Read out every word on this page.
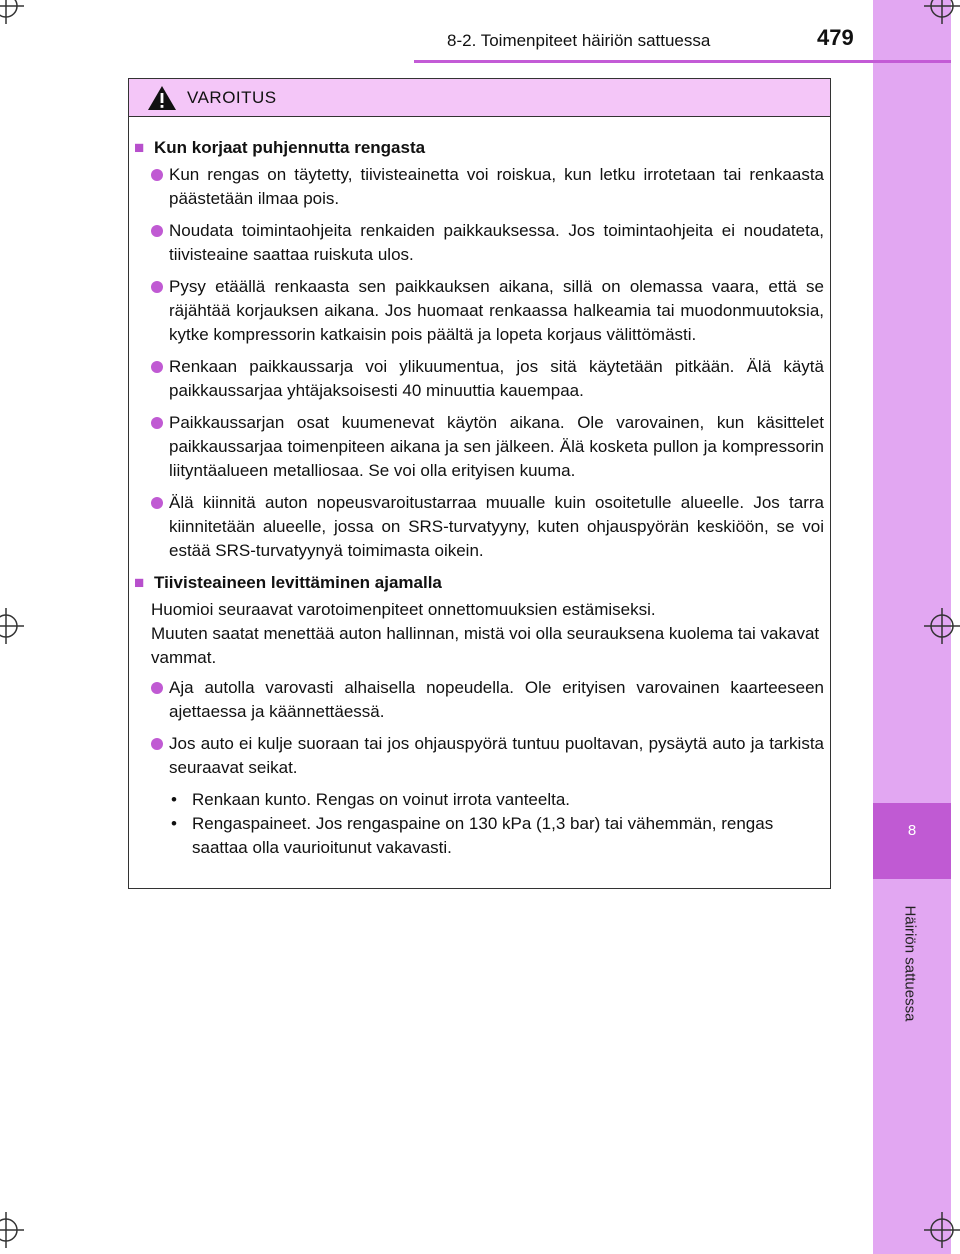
8
Häiriön sattuessa
8-2. Toimenpiteet häiriön sattuessa	479
VAROITUS
■ Kun korjaat puhjennutta rengasta
Kun rengas on täytetty, tiivisteainetta voi roiskua, kun letku irrotetaan tai renkaasta päästetään ilmaa pois.
Noudata toimintaohjeita renkaiden paikkauksessa. Jos toimintaohjeita ei noudateta, tiivisteaine saattaa ruiskuta ulos.
Pysy etäällä renkaasta sen paikkauksen aikana, sillä on olemassa vaara, että se räjähtää korjauksen aikana. Jos huomaat renkaassa halkeamia tai muodonmuutoksia, kytke kompressorin katkaisin pois päältä ja lopeta korjaus välittömästi.
Renkaan paikkaussarja voi ylikuumentua, jos sitä käytetään pitkään. Älä käytä paikkaussarjaa yhtäjaksoisesti 40 minuuttia kauempaa.
Paikkaussarjan osat kuumenevat käytön aikana. Ole varovainen, kun käsittelet paikkaussarjaa toimenpiteen aikana ja sen jälkeen. Älä kosketa pullon ja kompressorin liityntäalueen metalliosaa. Se voi olla erityisen kuuma.
Älä kiinnitä auton nopeusvaroitustarraa muualle kuin osoitetulle alueelle. Jos tarra kiinnitetään alueelle, jossa on SRS-turvatyyny, kuten ohjauspyörän keskiöön, se voi estää SRS-turvatyynyä toimimasta oikein.
■ Tiivisteaineen levittäminen ajamalla
Huomioi seuraavat varotoimenpiteet onnettomuuksien estämiseksi.
Muuten saatat menettää auton hallinnan, mistä voi olla seurauksena kuolema tai vakavat vammat.
Aja autolla varovasti alhaisella nopeudella. Ole erityisen varovainen kaarteeseen ajettaessa ja käännettäessä.
Jos auto ei kulje suoraan tai jos ohjauspyörä tuntuu puoltavan, pysäytä auto ja tarkista seuraavat seikat.
• Renkaan kunto. Rengas on voinut irrota vanteelta.
• Rengaspaineet. Jos rengaspaine on 130 kPa (1,3 bar) tai vähemmän, rengas saattaa olla vaurioitunut vakavasti.
